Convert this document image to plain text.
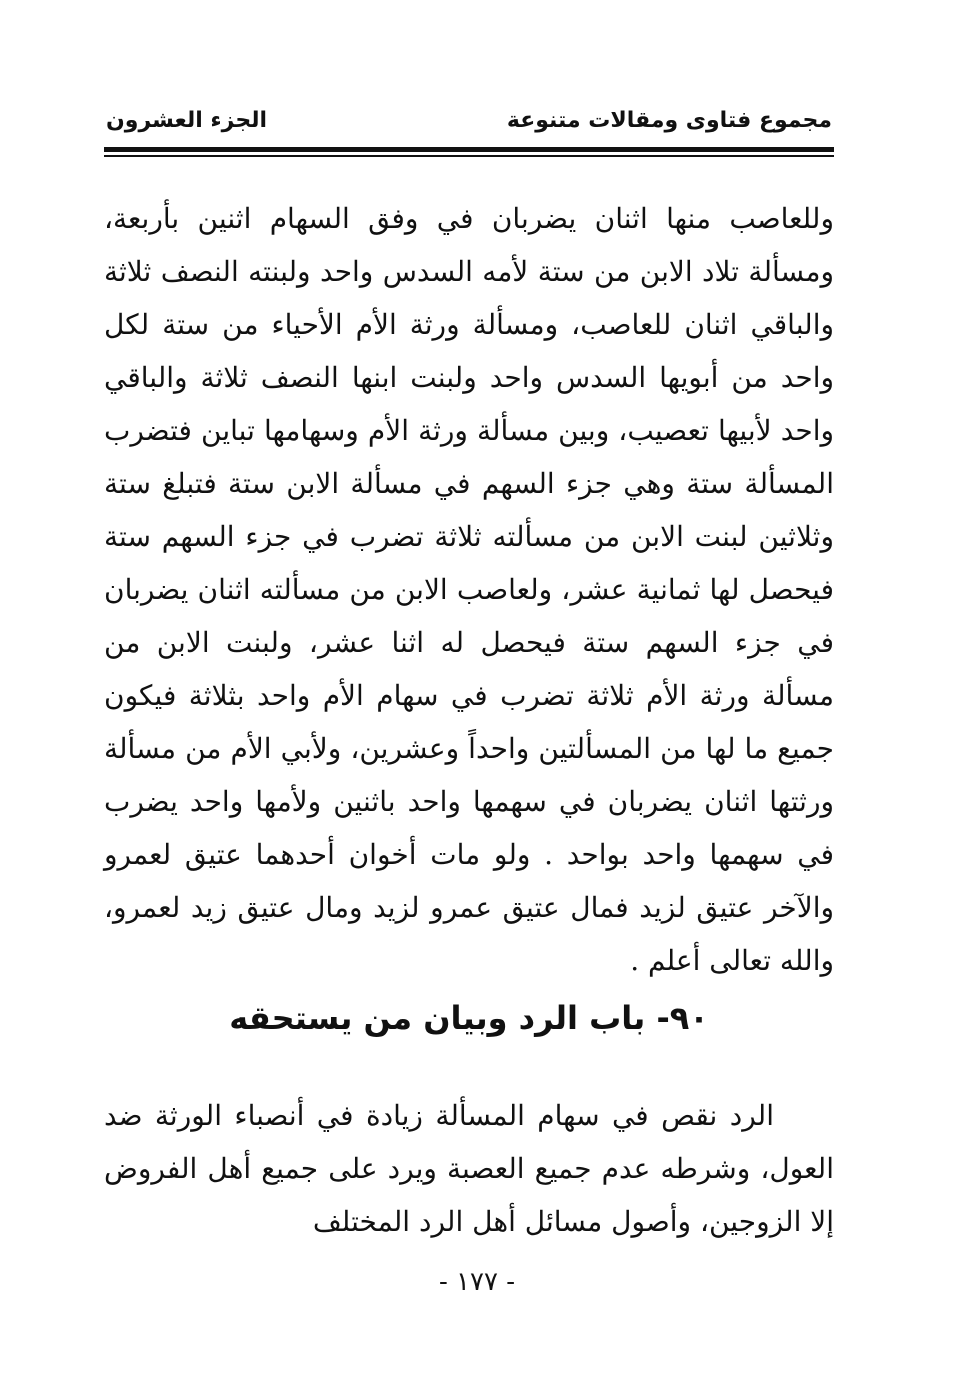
مجموع فتاوى ومقالات متنوعة
الجزء العشرون

وللعاصب منها اثنان يضربان في وفق السهام اثنين بأربعة، ومسألة تلاد الابن من ستة لأمه السدس واحد ولبنته النصف ثلاثة والباقي اثنان للعاصب، ومسألة ورثة الأم الأحياء من ستة لكل واحد من أبويها السدس واحد ولبنت ابنها النصف ثلاثة والباقي واحد لأبيها تعصيب، وبين مسألة ورثة الأم وسهامها تباين فتضرب المسألة ستة وهي جزء السهم في مسألة الابن ستة فتبلغ ستة وثلاثين لبنت الابن من مسألته ثلاثة تضرب في جزء السهم ستة فيحصل لها ثمانية عشر، ولعاصب الابن من مسألته اثنان يضربان في جزء السهم ستة فيحصل له اثنا عشر، ولبنت الابن من مسألة ورثة الأم ثلاثة تضرب في سهام الأم واحد بثلاثة فيكون جميع ما لها من المسألتين واحداً وعشرين، ولأبي الأم من مسألة ورثتها اثنان يضربان في سهمها واحد باثنين ولأمها واحد يضرب في سهمها واحد بواحد . ولو مات أخوان أحدهما عتيق لعمرو والآخر عتيق لزيد فمال عتيق عمرو لزيد ومال عتيق زيد لعمرو، والله تعالى أعلم .

٩٠- باب الرد وبيان من يستحقه

الرد نقص في سهام المسألة زيادة في أنصباء الورثة ضد العول، وشرطه عدم جميع العصبة ويرد على جميع أهل الفروض إلا الزوجين، وأصول مسائل أهل الرد المختلف

- ١٧٧ -
